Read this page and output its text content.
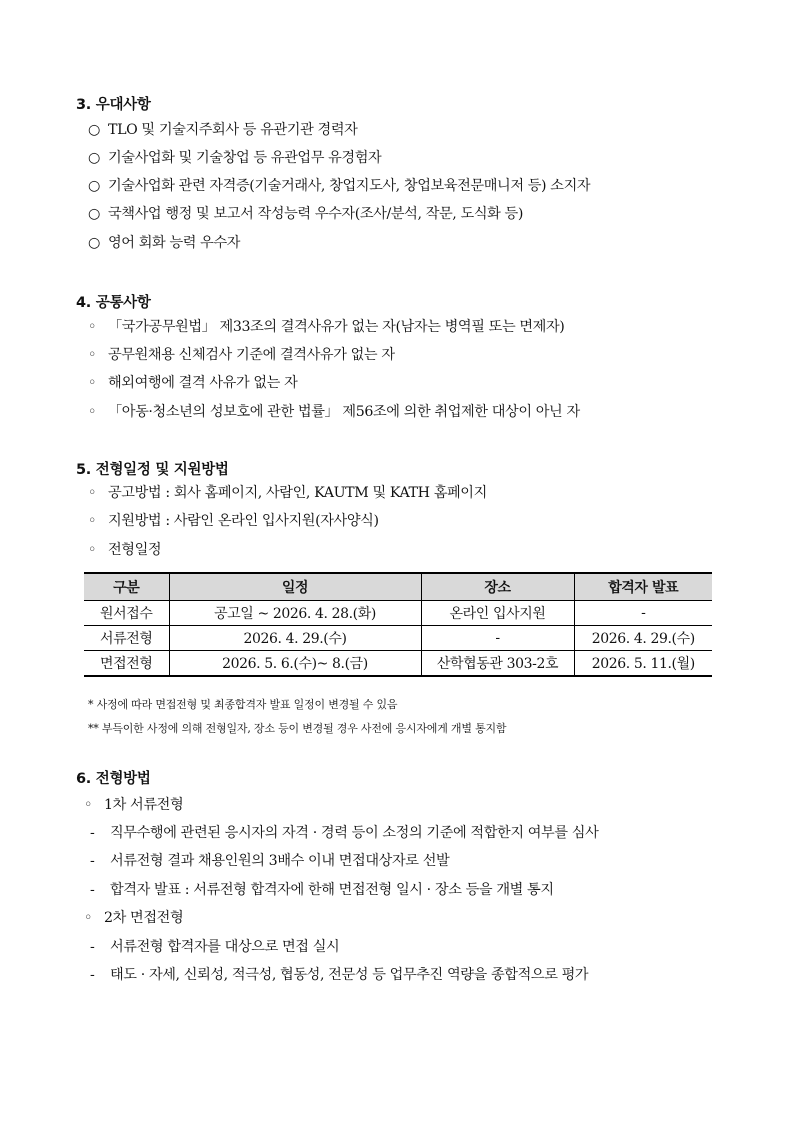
3. 우대사항
○ TLO 및 기술지주회사 등 유관기관 경력자
○ 기술사업화 및 기술창업 등 유관업무 유경험자
○ 기술사업화 관련 자격증(기술거래사, 창업지도사, 창업보육전문매니저 등) 소지자
○ 국책사업 행정 및 보고서 작성능력 우수자(조사/분석, 작문, 도식화 등)
○ 영어 회화 능력 우수자
4. 공통사항
◦ 「국가공무원법」 제33조의 결격사유가 없는 자(남자는 병역필 또는 면제자)
◦ 공무원채용 신체검사 기준에 결격사유가 없는 자
◦ 해외여행에 결격 사유가 없는 자
◦ 「아동·청소년의 성보호에 관한 법률」 제56조에 의한 취업제한 대상이 아닌 자
5. 전형일정 및 지원방법
◦ 공고방법 : 회사 홈페이지, 사람인, KAUTM 및 KATH 홈페이지
◦ 지원방법 : 사람인 온라인 입사지원(자사양식)
◦ 전형일정
구분	일정	장소	합격자 발표
원서접수	공고일 ~ 2026. 4. 28.(화)	온라인 입사지원	-
서류전형	2026. 4. 29.(수)	-	2026. 4. 29.(수)
면접전형	2026. 5. 6.(수)~ 8.(금)	산학협동관 303-2호	2026. 5. 11.(월)
* 사정에 따라 면접전형 및 최종합격자 발표 일정이 변경될 수 있음
** 부득이한 사정에 의해 전형일자, 장소 등이 변경될 경우 사전에 응시자에게 개별 통지함
6. 전형방법
◦ 1차 서류전형
- 직무수행에 관련된 응시자의 자격 · 경력 등이 소정의 기준에 적합한지 여부를 심사
- 서류전형 결과 채용인원의 3배수 이내 면접대상자로 선발
- 합격자 발표 : 서류전형 합격자에 한해 면접전형 일시 · 장소 등을 개별 통지
◦ 2차 면접전형
- 서류전형 합격자를 대상으로 면접 실시
- 태도 · 자세, 신뢰성, 적극성, 협동성, 전문성 등 업무추진 역량을 종합적으로 평가
